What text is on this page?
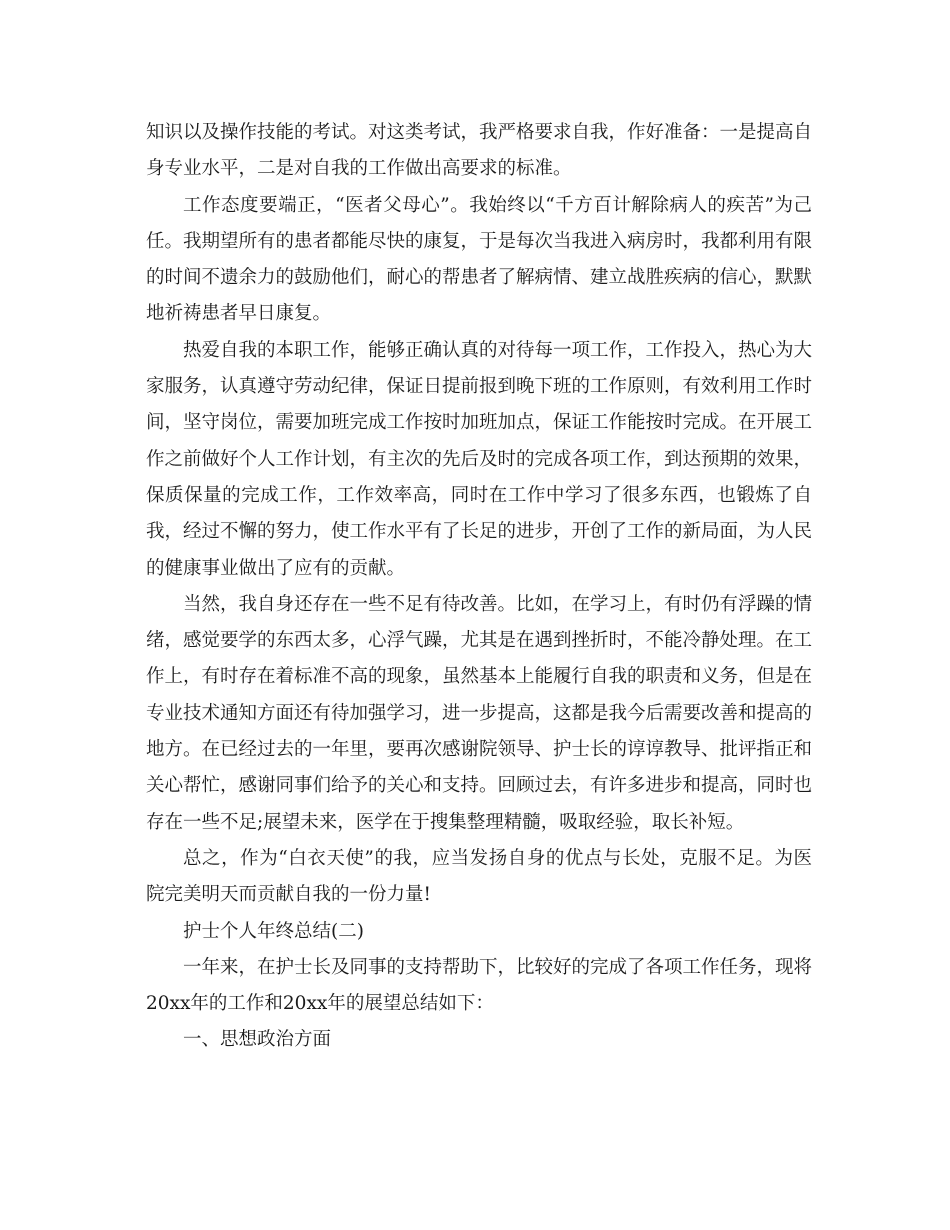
知识以及操作技能的考试。对这类考试，我严格要求自我，作好准备：一是提高自身专业水平，二是对自我的工作做出高要求的标准。

工作态度要端正，“医者父母心”。我始终以“千方百计解除病人的疾苦”为己任。我期望所有的患者都能尽快的康复，于是每次当我进入病房时，我都利用有限的时间不遗余力的鼓励他们，耐心的帮患者了解病情、建立战胜疾病的信心，默默地祈祷患者早日康复。

热爱自我的本职工作，能够正确认真的对待每一项工作，工作投入，热心为大家服务，认真遵守劳动纪律，保证日提前报到晚下班的工作原则，有效利用工作时间，坚守岗位，需要加班完成工作按时加班加点，保证工作能按时完成。在开展工作之前做好个人工作计划，有主次的先后及时的完成各项工作，到达预期的效果，保质保量的完成工作，工作效率高，同时在工作中学习了很多东西，也锻炼了自我，经过不懈的努力，使工作水平有了长足的进步，开创了工作的新局面，为人民的健康事业做出了应有的贡献。

当然，我自身还存在一些不足有待改善。比如，在学习上，有时仍有浮躁的情绪，感觉要学的东西太多，心浮气躁，尤其是在遇到挫折时，不能冷静处理。在工作上，有时存在着标准不高的现象，虽然基本上能履行自我的职责和义务，但是在专业技术通知方面还有待加强学习，进一步提高，这都是我今后需要改善和提高的地方。在已经过去的一年里，要再次感谢院领导、护士长的谆谆教导、批评指正和关心帮忙，感谢同事们给予的关心和支持。回顾过去，有许多进步和提高，同时也存在一些不足;展望未来，医学在于搜集整理精髓，吸取经验，取长补短。

总之，作为“白衣天使”的我，应当发扬自身的优点与长处，克服不足。为医院完美明天而贡献自我的一份力量!

护士个人年终总结(二)

一年来，在护士长及同事的支持帮助下，比较好的完成了各项工作任务，现将20xx年的工作和20xx年的展望总结如下：

一、思想政治方面
